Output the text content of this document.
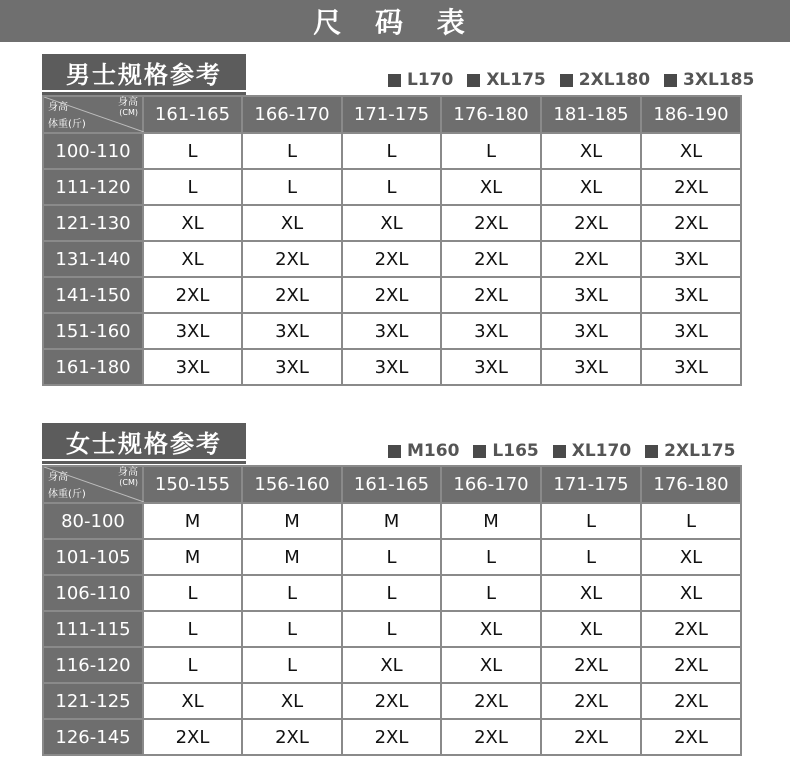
尺 码 表
男士规格参考	L170 XL175 2XL180 3XL185
身高 身高
(CM)
体重(斤)	161-165	166-170	171-175	176-180	181-185	186-190
100-110	L	L	L	L	XL	XL
111-120	L	L	L	XL	XL	2XL
121-130	XL	XL	XL	2XL	2XL	2XL
131-140	XL	2XL	2XL	2XL	2XL	3XL
141-150	2XL	2XL	2XL	2XL	3XL	3XL
151-160	3XL	3XL	3XL	3XL	3XL	3XL
161-180	3XL	3XL	3XL	3XL	3XL	3XL
女士规格参考	M160 L165 XL170 2XL175
身高 身高
(CM)
体重(斤)	150-155	156-160	161-165	166-170	171-175	176-180
80-100	M	M	M	M	L	L
101-105	M	M	L	L	L	XL
106-110	L	L	L	L	XL	XL
111-115	L	L	L	XL	XL	2XL
116-120	L	L	XL	XL	2XL	2XL
121-125	XL	XL	2XL	2XL	2XL	2XL
126-145	2XL	2XL	2XL	2XL	2XL	2XL
